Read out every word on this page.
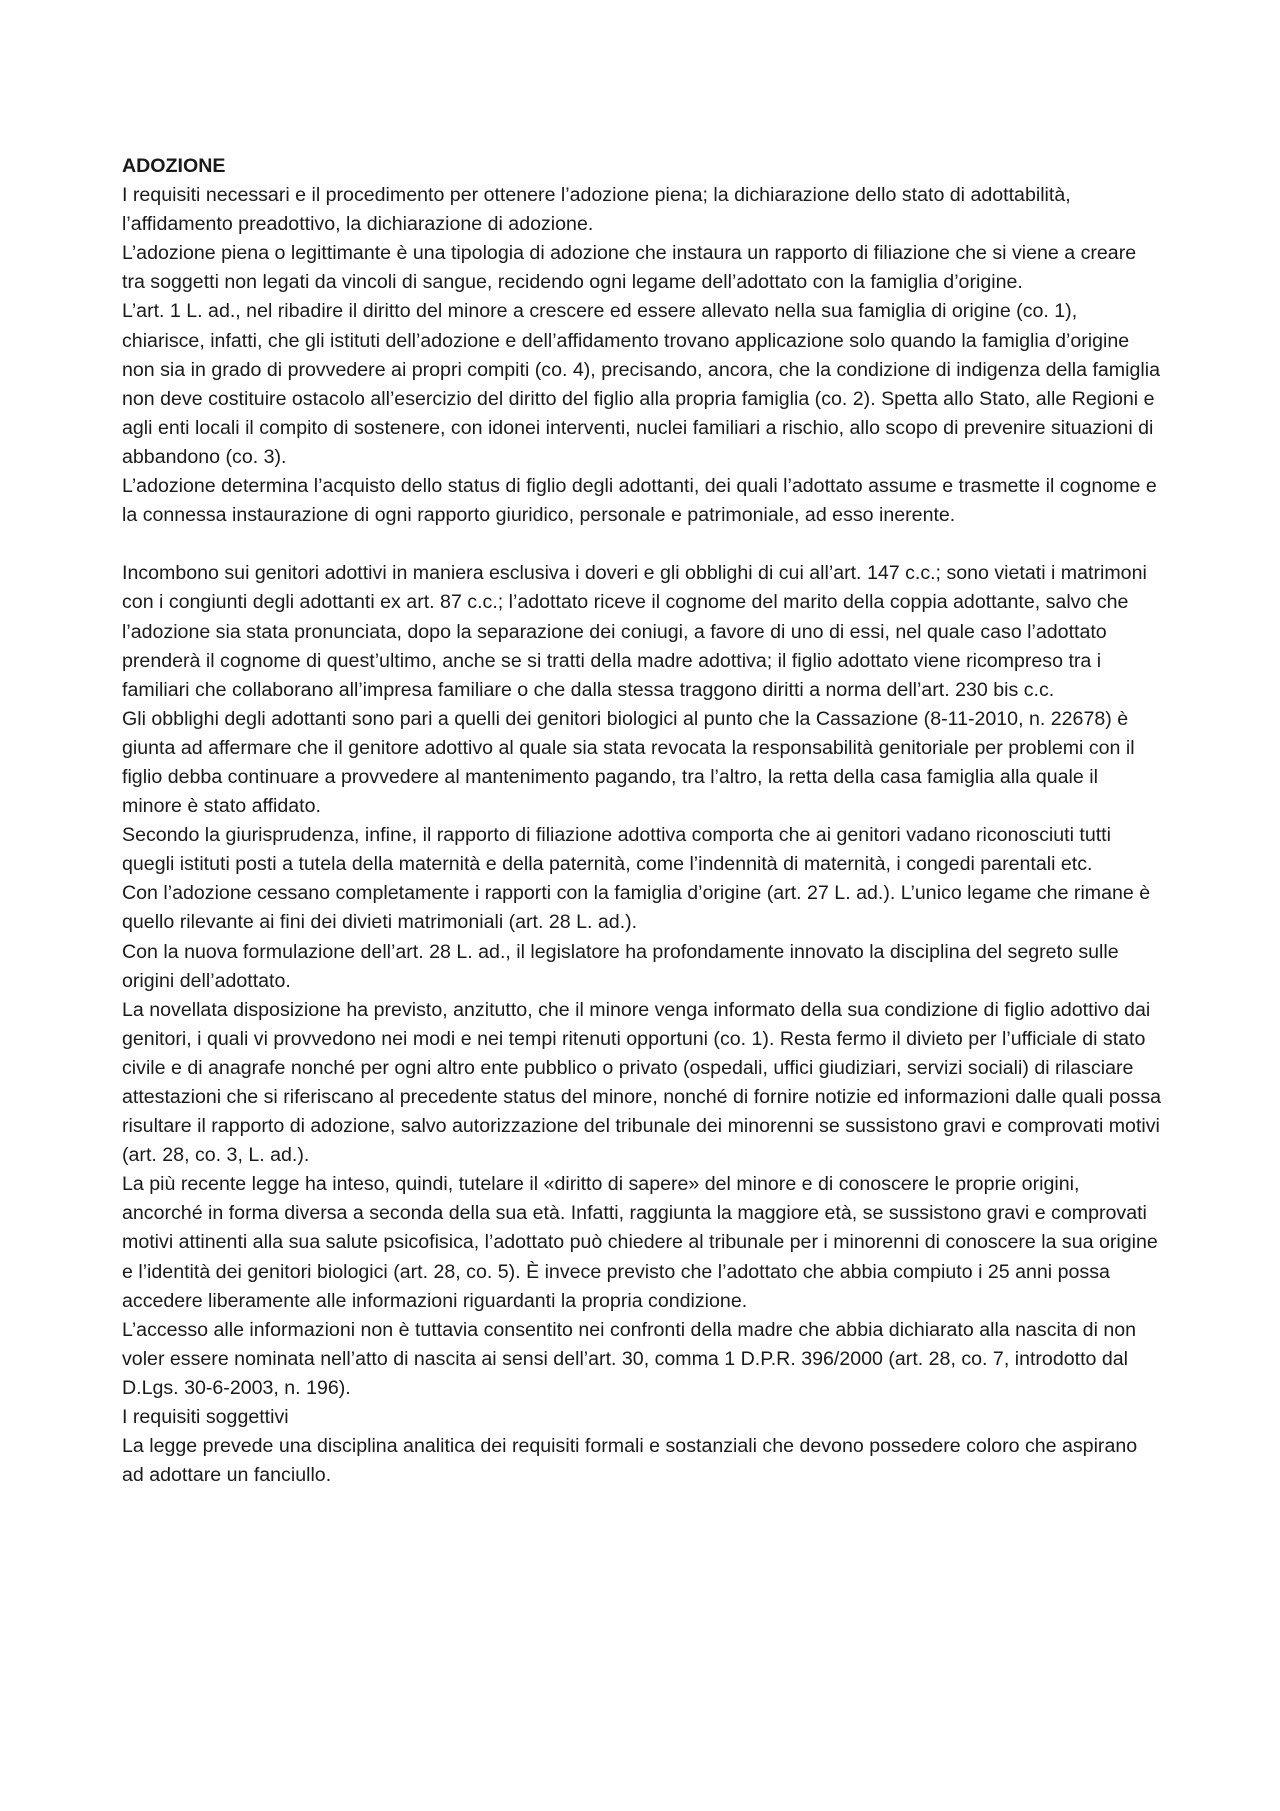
ADOZIONE

I requisiti necessari e il procedimento per ottenere l’adozione piena; la dichiarazione dello stato di adottabilità, l’affidamento preadottivo, la dichiarazione di adozione.

L’adozione piena o legittimante è una tipologia di adozione che instaura un rapporto di filiazione che si viene a creare tra soggetti non legati da vincoli di sangue, recidendo ogni legame dell’adottato con la famiglia d’origine.

L’art. 1 L. ad., nel ribadire il diritto del minore a crescere ed essere allevato nella sua famiglia di origine (co. 1), chiarisce, infatti, che gli istituti dell’adozione e dell’affidamento trovano applicazione solo quando la famiglia d’origine non sia in grado di provvedere ai propri compiti (co. 4), precisando, ancora, che la condizione di indigenza della famiglia non deve costituire ostacolo all’esercizio del diritto del figlio alla propria famiglia (co. 2). Spetta allo Stato, alle Regioni e agli enti locali il compito di sostenere, con idonei interventi, nuclei familiari a rischio, allo scopo di prevenire situazioni di abbandono (co. 3).

L’adozione determina l’acquisto dello status di figlio degli adottanti, dei quali l’adottato assume e trasmette il cognome e la connessa instaurazione di ogni rapporto giuridico, personale e patrimoniale, ad esso inerente.

Incombono sui genitori adottivi in maniera esclusiva i doveri e gli obblighi di cui all’art. 147 c.c.; sono vietati i matrimoni con i congiunti degli adottanti ex art. 87 c.c.; l’adottato riceve il cognome del marito della coppia adottante, salvo che l’adozione sia stata pronunciata, dopo la separazione dei coniugi, a favore di uno di essi, nel quale caso l’adottato prenderà il cognome di quest’ultimo, anche se si tratti della madre adottiva; il figlio adottato viene ricompreso tra i familiari che collaborano all’impresa familiare o che dalla stessa traggono diritti a norma dell’art. 230 bis c.c.

Gli obblighi degli adottanti sono pari a quelli dei genitori biologici al punto che la Cassazione (8-11-2010, n. 22678) è giunta ad affermare che il genitore adottivo al quale sia stata revocata la responsabilità genitoriale per problemi con il figlio debba continuare a provvedere al mantenimento pagando, tra l’altro, la retta della casa famiglia alla quale il minore è stato affidato.

Secondo la giurisprudenza, infine, il rapporto di filiazione adottiva comporta che ai genitori vadano riconosciuti tutti quegli istituti posti a tutela della maternità e della paternità, come l’indennità di maternità, i congedi parentali etc.

Con l’adozione cessano completamente i rapporti con la famiglia d’origine (art. 27 L. ad.). L’unico legame che rimane è quello rilevante ai fini dei divieti matrimoniali (art. 28 L. ad.).

Con la nuova formulazione dell’art. 28 L. ad., il legislatore ha profondamente innovato la disciplina del segreto sulle origini dell’adottato.

La novellata disposizione ha previsto, anzitutto, che il minore venga informato della sua condizione di figlio adottivo dai genitori, i quali vi provvedono nei modi e nei tempi ritenuti opportuni (co. 1). Resta fermo il divieto per l’ufficiale di stato civile e di anagrafe nonché per ogni altro ente pubblico o privato (ospedali, uffici giudiziari, servizi sociali) di rilasciare attestazioni che si riferiscano al precedente status del minore, nonché di fornire notizie ed informazioni dalle quali possa risultare il rapporto di adozione, salvo autorizzazione del tribunale dei minorenni se sussistono gravi e comprovati motivi (art. 28, co. 3, L. ad.).

La più recente legge ha inteso, quindi, tutelare il «diritto di sapere» del minore e di conoscere le proprie origini, ancorché in forma diversa a seconda della sua età. Infatti, raggiunta la maggiore età, se sussistono gravi e comprovati motivi attinenti alla sua salute psicofisica, l’adottato può chiedere al tribunale per i minorenni di conoscere la sua origine e l’identità dei genitori biologici (art. 28, co. 5). È invece previsto che l’adottato che abbia compiuto i 25 anni possa accedere liberamente alle informazioni riguardanti la propria condizione.

L’accesso alle informazioni non è tuttavia consentito nei confronti della madre che abbia dichiarato alla nascita di non voler essere nominata nell’atto di nascita ai sensi dell’art. 30, comma 1 D.P.R. 396/2000 (art. 28, co. 7, introdotto dal D.Lgs. 30-6-2003, n. 196).

I requisiti soggettivi

La legge prevede una disciplina analitica dei requisiti formali e sostanziali che devono possedere coloro che aspirano ad adottare un fanciullo.
